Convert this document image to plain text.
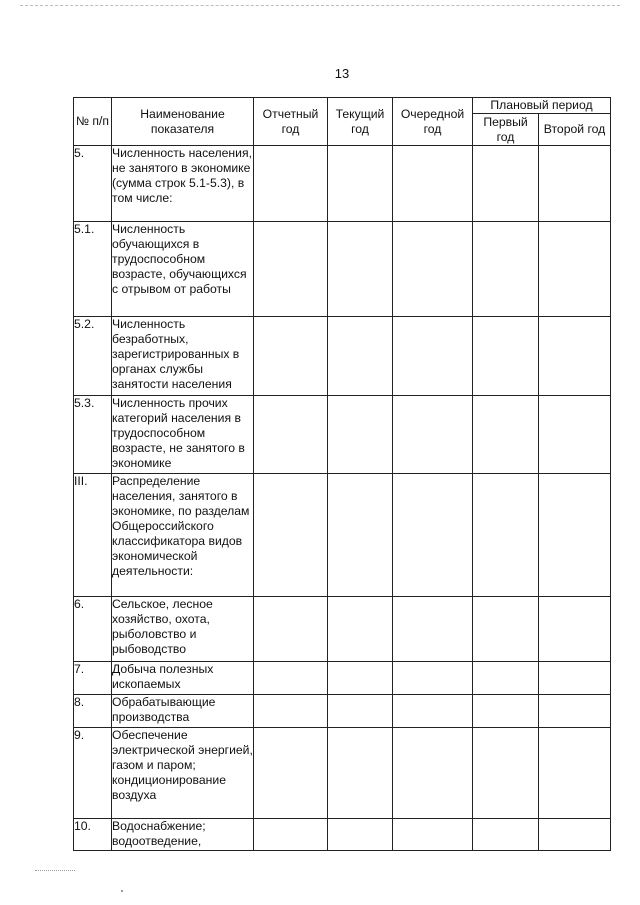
13
№ п/п	Наименование показателя	Отчетный год	Текущий год	Очередной год	Плановый период	
					Первый год	Второй год
5.	Численность населения, не занятого в экономике (сумма строк 5.1-5.3), в том числе:					
5.1.	Численность обучающихся в трудоспособном возрасте, обучающихся с отрывом от работы					
5.2.	Численность безработных, зарегистрированных в органах службы занятости населения					
5.3.	Численность прочих категорий населения в трудоспособном возрасте, не занятого в экономике					
III.	Распределение населения, занятого в экономике, по разделам Общероссийского классификатора видов экономической деятельности:					
6.	Сельское, лесное хозяйство, охота, рыболовство и рыбоводство					
7.	Добыча полезных ископаемых					
8.	Обрабатывающие производства					
9.	Обеспечение электрической энергией, газом и паром; кондиционирование воздуха					
10.	Водоснабжение; водоотведение,					
